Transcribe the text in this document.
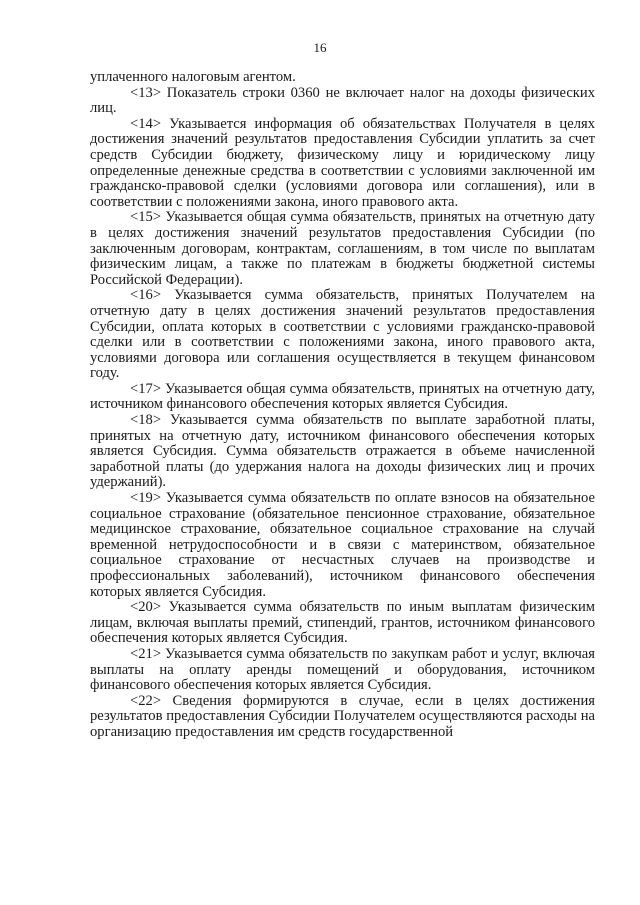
16

уплаченного налоговым агентом.

<13> Показатель строки 0360 не включает налог на доходы физических лиц.

<14> Указывается информация об обязательствах Получателя в целях достижения значений результатов предоставления Субсидии уплатить за счет средств Субсидии бюджету, физическому лицу и юридическому лицу определенные денежные средства в соответствии с условиями заключенной им гражданско-правовой сделки (условиями договора или соглашения), или в соответствии с положениями закона, иного правового акта.

<15> Указывается общая сумма обязательств, принятых на отчетную дату в целях достижения значений результатов предоставления Субсидии (по заключенным договорам, контрактам, соглашениям, в том числе по выплатам физическим лицам, а также по платежам в бюджеты бюджетной системы Российской Федерации).

<16> Указывается сумма обязательств, принятых Получателем на отчетную дату в целях достижения значений результатов предоставления Субсидии, оплата которых в соответствии с условиями гражданско-правовой сделки или в соответствии с положениями закона, иного правового акта, условиями договора или соглашения осуществляется в текущем финансовом году.

<17> Указывается общая сумма обязательств, принятых на отчетную дату, источником финансового обеспечения которых является Субсидия.

<18> Указывается сумма обязательств по выплате заработной платы, принятых на отчетную дату, источником финансового обеспечения которых является Субсидия. Сумма обязательств отражается в объеме начисленной заработной платы (до удержания налога на доходы физических лиц и прочих удержаний).

<19> Указывается сумма обязательств по оплате взносов на обязательное социальное страхование (обязательное пенсионное страхование, обязательное медицинское страхование, обязательное социальное страхование на случай временной нетрудоспособности и в связи с материнством, обязательное социальное страхование от несчастных случаев на производстве и профессиональных заболеваний), источником финансового обеспечения которых является Субсидия.

<20> Указывается сумма обязательств по иным выплатам физическим лицам, включая выплаты премий, стипендий, грантов, источником финансового обеспечения которых является Субсидия.

<21> Указывается сумма обязательств по закупкам работ и услуг, включая выплаты на оплату аренды помещений и оборудования, источником финансового обеспечения которых является Субсидия.

<22> Сведения формируются в случае, если в целях достижения результатов предоставления Субсидии Получателем осуществляются расходы на организацию предоставления им средств государственной
